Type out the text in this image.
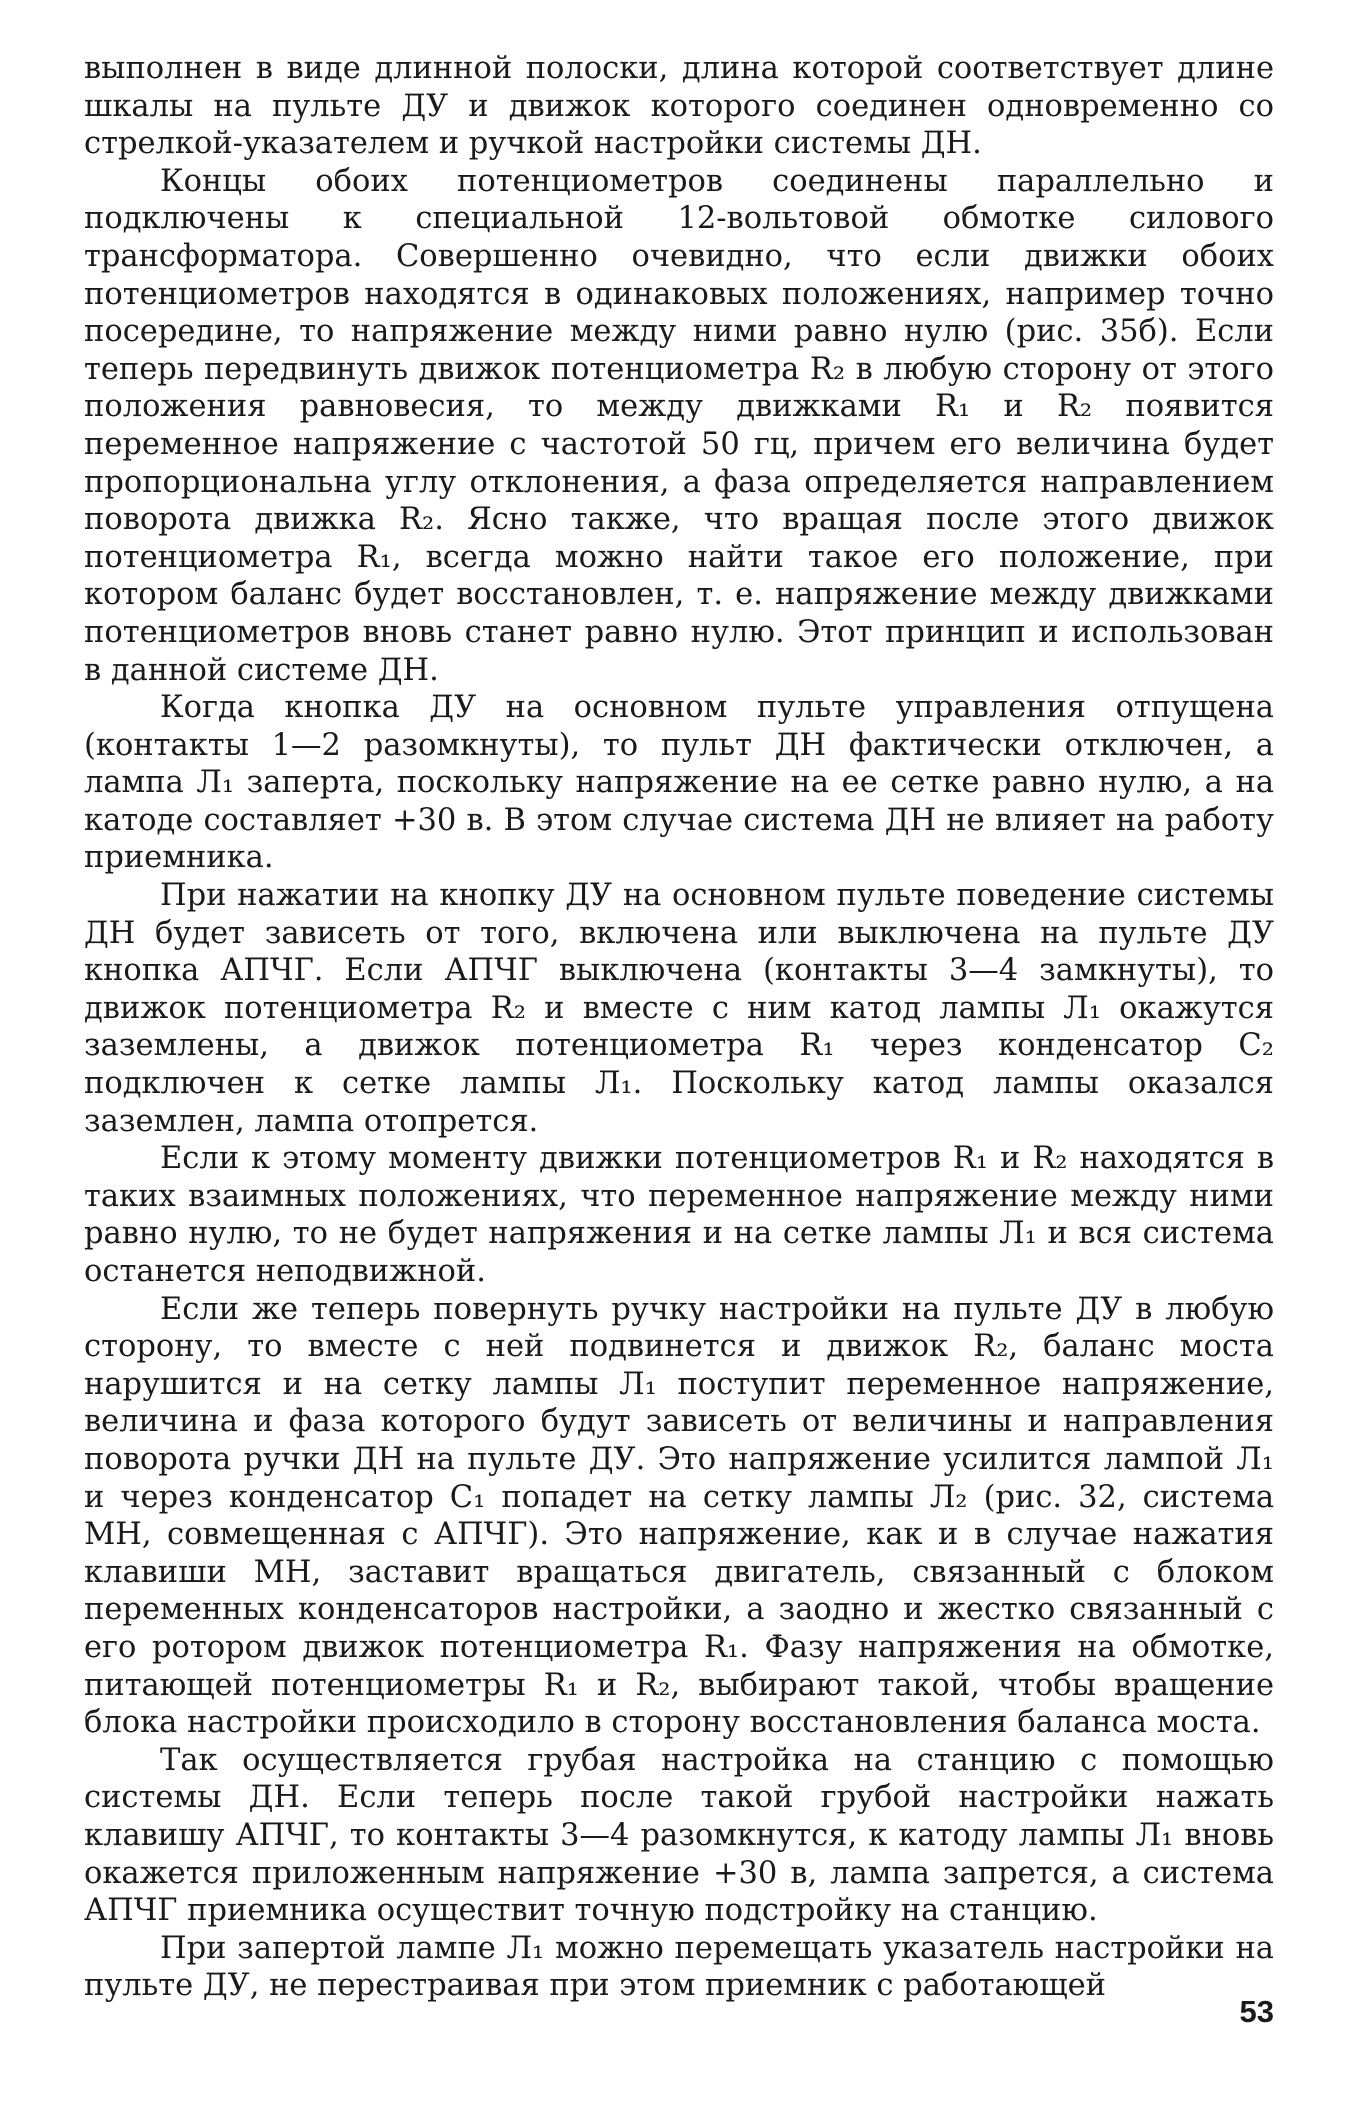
выполнен в виде длинной полоски, длина которой соответствует длине шкалы на пульте ДУ и движок которого соединен одновременно со стрелкой-указателем и ручкой настройки системы ДН.

Концы обоих потенциометров соединены параллельно и подключены к специальной 12-вольтовой обмотке силового трансформатора. Совершенно очевидно, что если движки обоих потенциометров находятся в одинаковых положениях, например точно посередине, то напряжение между ними равно нулю (рис. 35б). Если теперь передвинуть движок потенциометра R₂ в любую сторону от этого положения равновесия, то между движками R₁ и R₂ появится переменное напряжение с частотой 50 гц, причем его величина будет пропорциональна углу отклонения, а фаза определяется направлением поворота движка R₂. Ясно также, что вращая после этого движок потенциометра R₁, всегда можно найти такое его положение, при котором баланс будет восстановлен, т. е. напряжение между движками потенциометров вновь станет равно нулю. Этот принцип и использован в данной системе ДН.

Когда кнопка ДУ на основном пульте управления отпущена (контакты 1—2 разомкнуты), то пульт ДН фактически отключен, а лампа Л₁ заперта, поскольку напряжение на ее сетке равно нулю, а на катоде составляет +30 в. В этом случае система ДН не влияет на работу приемника.

При нажатии на кнопку ДУ на основном пульте поведение системы ДН будет зависеть от того, включена или выключена на пульте ДУ кнопка АПЧГ. Если АПЧГ выключена (контакты 3—4 замкнуты), то движок потенциометра R₂ и вместе с ним катод лампы Л₁ окажутся заземлены, а движок потенциометра R₁ через конденсатор C₂ подключен к сетке лампы Л₁. Поскольку катод лампы оказался заземлен, лампа отопрется.

Если к этому моменту движки потенциометров R₁ и R₂ находятся в таких взаимных положениях, что переменное напряжение между ними равно нулю, то не будет напряжения и на сетке лампы Л₁ и вся система останется неподвижной.

Если же теперь повернуть ручку настройки на пульте ДУ в любую сторону, то вместе с ней подвинется и движок R₂, баланс моста нарушится и на сетку лампы Л₁ поступит переменное напряжение, величина и фаза которого будут зависеть от величины и направления поворота ручки ДН на пульте ДУ. Это напряжение усилится лампой Л₁ и через конденсатор C₁ попадет на сетку лампы Л₂ (рис. 32, система МН, совмещенная с АПЧГ). Это напряжение, как и в случае нажатия клавиши МН, заставит вращаться двигатель, связанный с блоком переменных конденсаторов настройки, а заодно и жестко связанный с его ротором движок потенциометра R₁. Фазу напряжения на обмотке, питающей потенциометры R₁ и R₂, выбирают такой, чтобы вращение блока настройки происходило в сторону восстановления баланса моста.

Так осуществляется грубая настройка на станцию с помощью системы ДН. Если теперь после такой грубой настройки нажать клавишу АПЧГ, то контакты 3—4 разомкнутся, к катоду лампы Л₁ вновь окажется приложенным напряжение +30 в, лампа запрется, а система АПЧГ приемника осуществит точную подстройку на станцию.

При запертой лампе Л₁ можно перемещать указатель настройки на пульте ДУ, не перестраивая при этом приемник с работающей

53
